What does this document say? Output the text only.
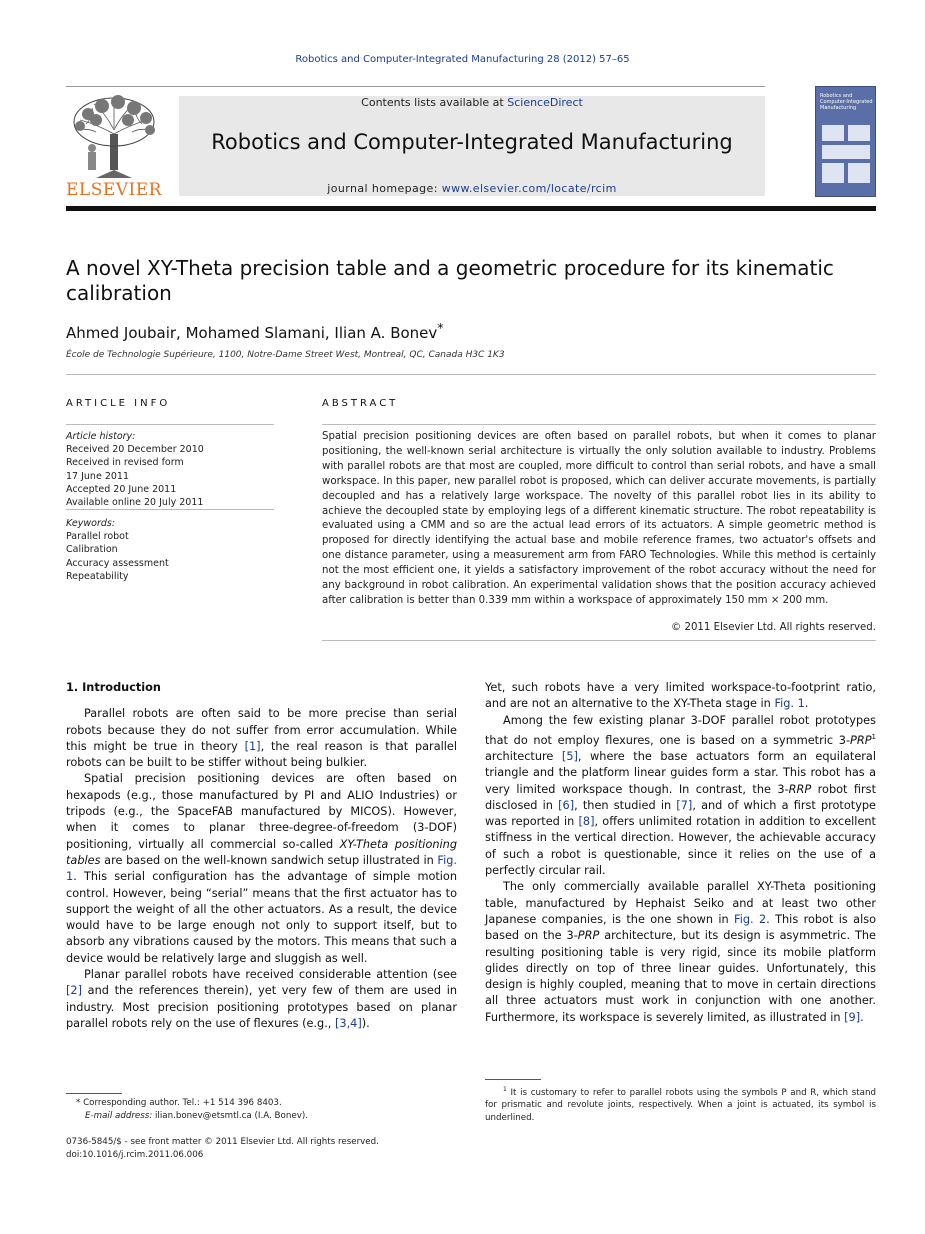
Robotics and Computer-Integrated Manufacturing 28 (2012) 57–65
ELSEVIER
Contents lists available at ScienceDirect
Robotics and Computer-Integrated Manufacturing
journal homepage: www.elsevier.com/locate/rcim
Robotics and Computer-Integrated Manufacturing
A novel XY-Theta precision table and a geometric procedure for its kinematic calibration
Ahmed Joubair, Mohamed Slamani, Ilian A. Bonev*
École de Technologie Supérieure, 1100, Notre-Dame Street West, Montreal, QC, Canada H3C 1K3
ARTICLE INFO
Article history:
Received 20 December 2010
Received in revised form
17 June 2011
Accepted 20 June 2011
Available online 20 July 2011
Keywords:
Parallel robot
Calibration
Accuracy assessment
Repeatability
ABSTRACT
Spatial precision positioning devices are often based on parallel robots, but when it comes to planar positioning, the well-known serial architecture is virtually the only solution available to industry. Problems with parallel robots are that most are coupled, more difficult to control than serial robots, and have a small workspace. In this paper, new parallel robot is proposed, which can deliver accurate movements, is partially decoupled and has a relatively large workspace. The novelty of this parallel robot lies in its ability to achieve the decoupled state by employing legs of a different kinematic structure. The robot repeatability is evaluated using a CMM and so are the actual lead errors of its actuators. A simple geometric method is proposed for directly identifying the actual base and mobile reference frames, two actuator's offsets and one distance parameter, using a measurement arm from FARO Technologies. While this method is certainly not the most efficient one, it yields a satisfactory improvement of the robot accuracy without the need for any background in robot calibration. An experimental validation shows that the position accuracy achieved after calibration is better than 0.339 mm within a workspace of approximately 150 mm × 200 mm.
© 2011 Elsevier Ltd. All rights reserved.

1. Introduction

Parallel robots are often said to be more precise than serial robots because they do not suffer from error accumulation. While this might be true in theory [1], the real reason is that parallel robots can be built to be stiffer without being bulkier.

Spatial precision positioning devices are often based on hexapods (e.g., those manufactured by PI and ALIO Industries) or tripods (e.g., the SpaceFAB manufactured by MICOS). However, when it comes to planar three-degree-of-freedom (3-DOF) positioning, virtually all commercial so-called XY-Theta positioning tables are based on the well-known sandwich setup illustrated in Fig. 1. This serial configuration has the advantage of simple motion control. However, being “serial” means that the first actuator has to support the weight of all the other actuators. As a result, the device would have to be large enough not only to support itself, but to absorb any vibrations caused by the motors. This means that such a device would be relatively large and sluggish as well.

Planar parallel robots have received considerable attention (see [2] and the references therein), yet very few of them are used in industry. Most precision positioning prototypes based on planar parallel robots rely on the use of flexures (e.g., [3,4]).

Yet, such robots have a very limited workspace-to-footprint ratio, and are not an alternative to the XY-Theta stage in Fig. 1.

Among the few existing planar 3-DOF parallel robot prototypes that do not employ flexures, one is based on a symmetric 3-PRP$^1$ architecture [5], where the base actuators form an equilateral triangle and the platform linear guides form a star. This robot has a very limited workspace though. In contrast, the 3-RRP robot first disclosed in [6], then studied in [7], and of which a first prototype was reported in [8], offers unlimited rotation in addition to excellent stiffness in the vertical direction. However, the achievable accuracy of such a robot is questionable, since it relies on the use of a perfectly circular rail.

The only commercially available parallel XY-Theta positioning table, manufactured by Hephaist Seiko and at least two other Japanese companies, is the one shown in Fig. 2. This robot is also based on the 3-PRP architecture, but its design is asymmetric. The resulting positioning table is very rigid, since its mobile platform glides directly on top of three linear guides. Unfortunately, this design is highly coupled, meaning that to move in certain directions all three actuators must work in conjunction with one another. Furthermore, its workspace is severely limited, as illustrated in [9].

* Corresponding author. Tel.: +1 514 396 8403.
E-mail address: ilian.bonev@etsmtl.ca (I.A. Bonev).
0736-5845/$ - see front matter © 2011 Elsevier Ltd. All rights reserved.
doi:10.1016/j.rcim.2011.06.006
$^1$ It is customary to refer to parallel robots using the symbols P and R, which stand for prismatic and revolute joints, respectively. When a joint is actuated, its symbol is underlined.
